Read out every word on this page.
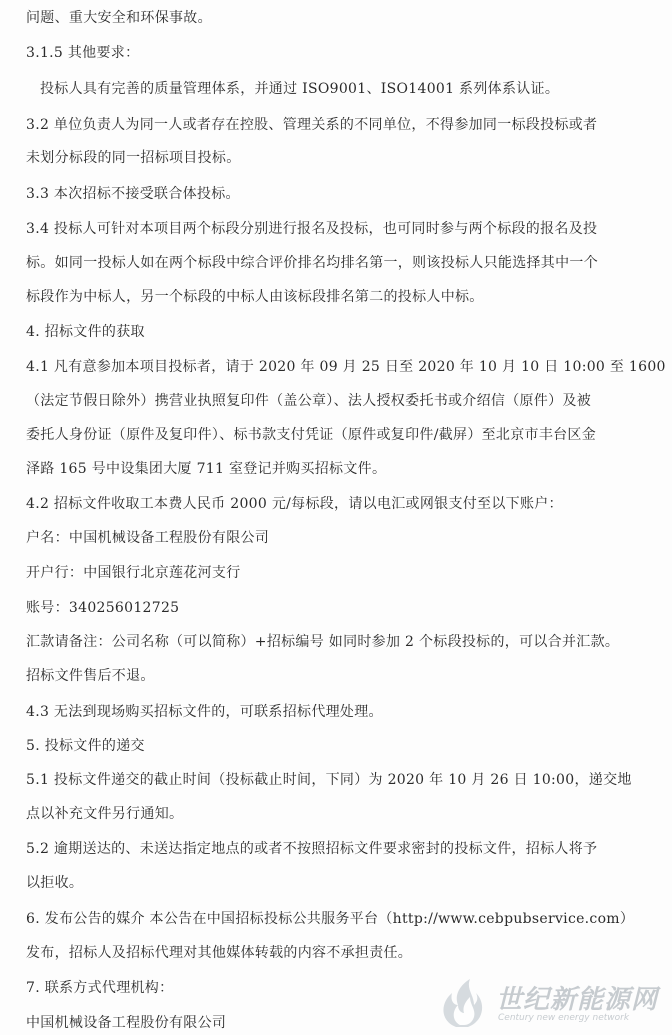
问题、重大安全和环保事故。
3.1.5 其他要求：
投标人具有完善的质量管理体系，并通过 ISO9001、ISO14001 系列体系认证。
3.2 单位负责人为同一人或者存在控股、管理关系的不同单位，不得参加同一标段投标或者
未划分标段的同一招标项目投标。
3.3 本次招标不接受联合体投标。
3.4 投标人可针对本项目两个标段分别进行报名及投标，也可同时参与两个标段的报名及投
标。如同一投标人如在两个标段中综合评价排名均排名第一，则该投标人只能选择其中一个
标段作为中标人，另一个标段的中标人由该标段排名第二的投标人中标。
4. 招标文件的获取
4.1 凡有意参加本项目投标者，请于 2020 年 09 月 25 日至 2020 年 10 月 10 日 10:00 至 1600
（法定节假日除外）携营业执照复印件（盖公章）、法人授权委托书或介绍信（原件）及被
委托人身份证（原件及复印件）、标书款支付凭证（原件或复印件/截屏）至北京市丰台区金
泽路 165 号中设集团大厦 711 室登记并购买招标文件。
4.2 招标文件收取工本费人民币 2000 元/每标段，请以电汇或网银支付至以下账户：
户名：中国机械设备工程股份有限公司
开户行：中国银行北京莲花河支行
账号：340256012725
汇款请备注：公司名称（可以简称）+招标编号 如同时参加 2 个标段投标的，可以合并汇款。
招标文件售后不退。
4.3 无法到现场购买招标文件的，可联系招标代理处理。
5. 投标文件的递交
5.1 投标文件递交的截止时间（投标截止时间，下同）为 2020 年 10 月 26 日 10:00，递交地
点以补充文件另行通知。
5.2 逾期送达的、未送达指定地点的或者不按照招标文件要求密封的投标文件，招标人将予
以拒收。
6. 发布公告的媒介 本公告在中国招标投标公共服务平台（http://www.cebpubservice.com）
发布，招标人及招标代理对其他媒体转载的内容不承担责任。
7. 联系方式代理机构：
中国机械设备工程股份有限公司
世纪新能源网
Century new energy network
